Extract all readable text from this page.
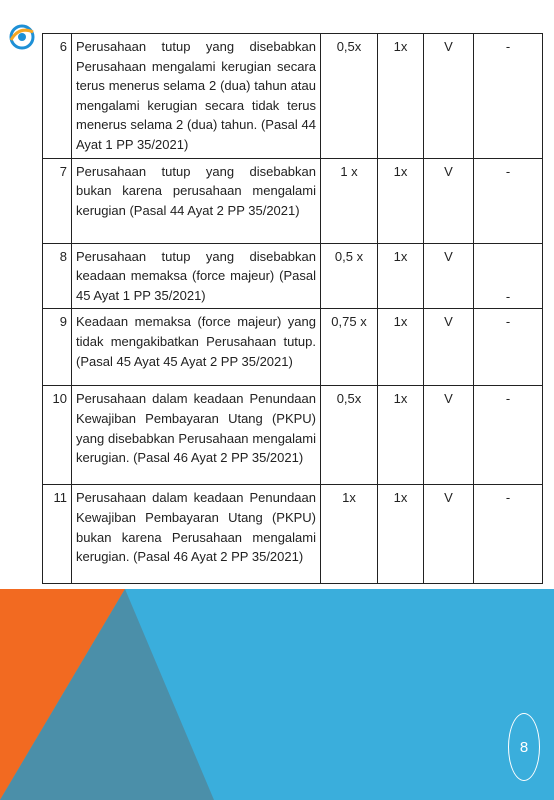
6	Perusahaan tutup yang disebabkan Perusahaan mengalami kerugian secara terus menerus selama 2 (dua) tahun atau mengalami kerugian secara tidak terus menerus selama 2 (dua) tahun. (Pasal 44 Ayat 1 PP 35/2021)	0,5x	1x	V	-
7	Perusahaan tutup yang disebabkan bukan karena perusahaan mengalami kerugian (Pasal 44 Ayat 2 PP 35/2021)	1 x	1x	V	-
8	Perusahaan tutup yang disebabkan keadaan memaksa (force majeur) (Pasal 45 Ayat 1 PP 35/2021)	0,5 x	1x	V	-
9	Keadaan memaksa (force majeur) yang tidak mengakibatkan Perusahaan tutup. (Pasal 45 Ayat 45 Ayat 2 PP 35/2021)	0,75 x	1x	V	-
10	Perusahaan dalam keadaan Penundaan Kewajiban Pembayaran Utang (PKPU) yang disebabkan Perusahaan mengalami kerugian. (Pasal 46 Ayat 2 PP 35/2021)	0,5x	1x	V	-
11	Perusahaan dalam keadaan Penundaan Kewajiban Pembayaran Utang (PKPU) bukan karena Perusahaan mengalami kerugian. (Pasal 46 Ayat 2 PP 35/2021)	1x	1x	V	-
8
